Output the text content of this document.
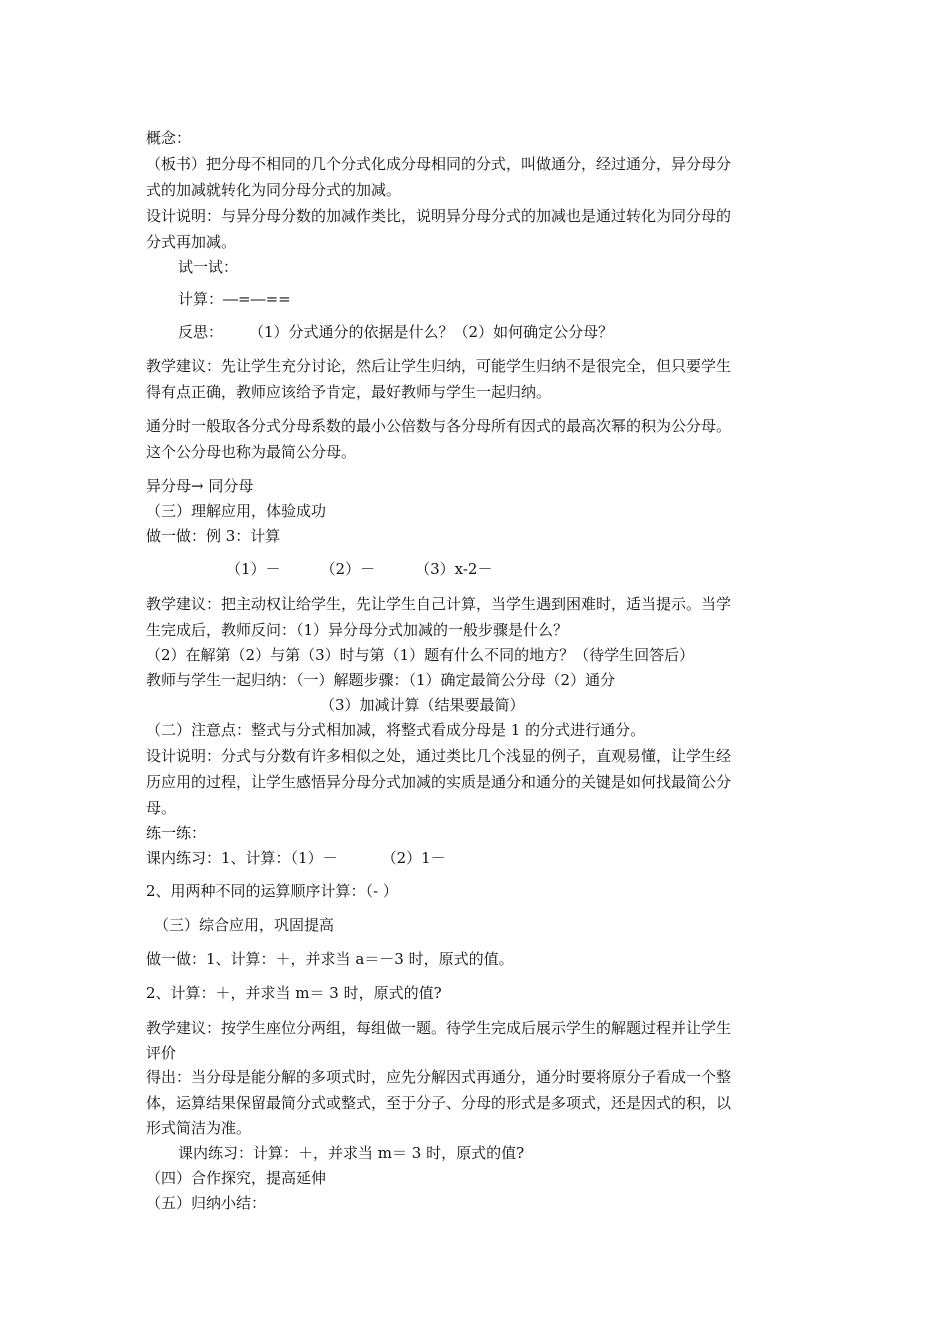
概念：
（板书）把分母不相同的几个分式化成分母相同的分式，叫做通分，经过通分，异分母分
式的加减就转化为同分母分式的加减。
设计说明：与异分母分数的加减作类比，说明异分母分式的加减也是通过转化为同分母的
分式再加减。
试一试：
计算：―=―==
反思： （1）分式通分的依据是什么？（2）如何确定公分母？
教学建议：先让学生充分讨论，然后让学生归纳，可能学生归纳不是很完全，但只要学生
得有点正确，教师应该给予肯定，最好教师与学生一起归纳。
通分时一般取各分式分母系数的最小公倍数与各分母所有因式的最高次幂的积为公分母。
这个公分母也称为最简公分母。
异分母→ 同分母
（三）理解应用，体验成功
做一做：例 3：计算
（1）－	（2）－	（3）x-2－
教学建议：把主动权让给学生，先让学生自己计算，当学生遇到困难时，适当提示。当学
生完成后，教师反问：（1）异分母分式加减的一般步骤是什么？
（2）在解第（2）与第（3）时与第（1）题有什么不同的地方？（待学生回答后）
教师与学生一起归纳：（一）解题步骤：（1）确定最简公分母（2）通分
（3）加减计算（结果要最简）
（二）注意点：整式与分式相加减，将整式看成分母是 1 的分式进行通分。
设计说明：分式与分数有许多相似之处，通过类比几个浅显的例子，直观易懂，让学生经
历应用的过程，让学生感悟异分母分式加减的实质是通分和通分的关键是如何找最简公分
母。
练一练：
课内练习：1、计算：（1）－	（2）1－
2、用两种不同的运算顺序计算：（- ）
（三）综合应用，巩固提高
做一做：1、计算：＋，并求当 a＝－3 时，原式的值。
2、计算：＋，并求当 m＝ 3 时，原式的值?
教学建议：按学生座位分两组，每组做一题。待学生完成后展示学生的解题过程并让学生
评价
得出：当分母是能分解的多项式时，应先分解因式再通分，通分时要将原分子看成一个整
体，运算结果保留最简分式或整式，至于分子、分母的形式是多项式，还是因式的积，以
形式简洁为准。
课内练习：计算：＋，并求当 m＝ 3 时，原式的值?
（四）合作探究，提高延伸
（五）归纳小结：
